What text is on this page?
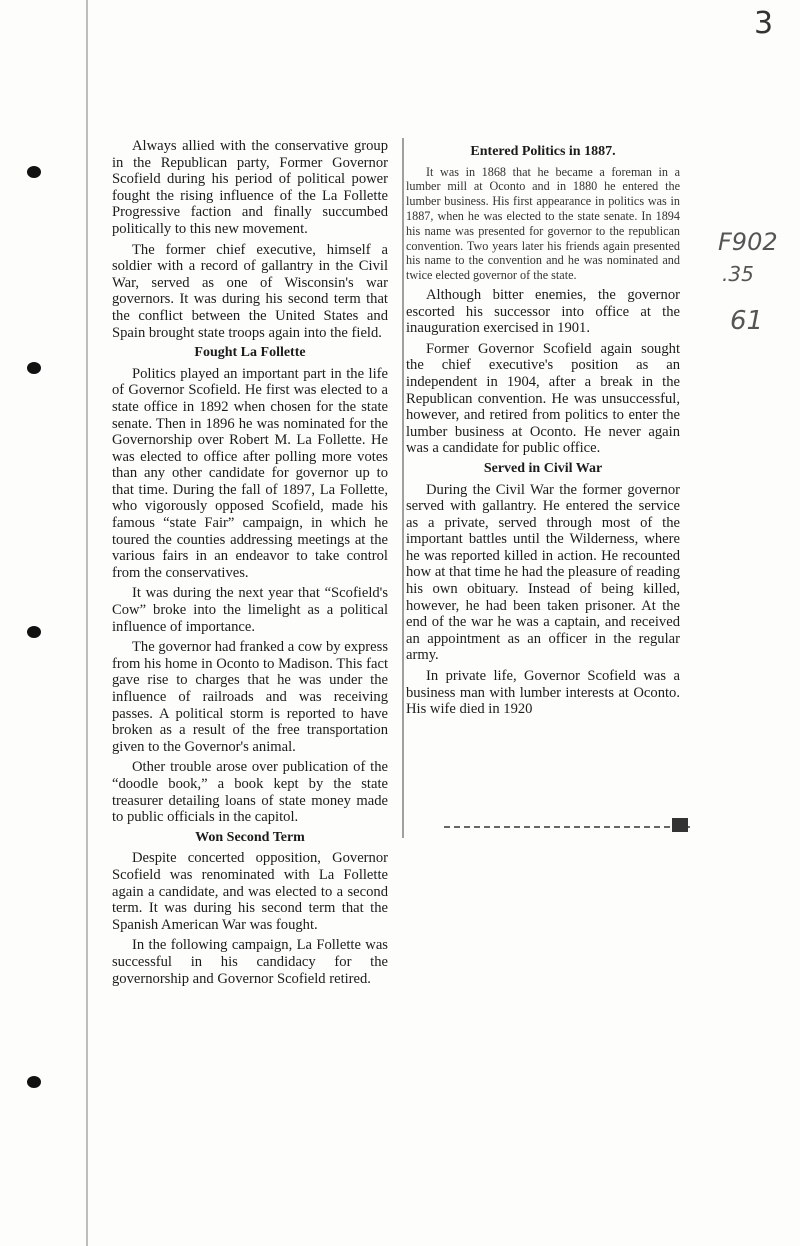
3
F902
.35
61

Always allied with the conservative group in the Republican party, Former Governor Scofield during his period of political power fought the rising influence of the La Follette Progressive faction and finally succumbed politically to this new movement.

The former chief executive, himself a soldier with a record of gallantry in the Civil War, served as one of Wisconsin's war governors. It was during his second term that the conflict between the United States and Spain brought state troops again into the field.

Fought La Follette

Politics played an important part in the life of Governor Scofield. He first was elected to a state office in 1892 when chosen for the state senate. Then in 1896 he was nominated for the Governorship over Robert M. La Follette. He was elected to office after polling more votes than any other candidate for governor up to that time. During the fall of 1897, La Follette, who vigorously opposed Scofield, made his famous “state Fair” campaign, in which he toured the counties addressing meetings at the various fairs in an endeavor to take control from the conservatives.

It was during the next year that “Scofield's Cow” broke into the limelight as a political influence of importance.

The governor had franked a cow by express from his home in Oconto to Madison. This fact gave rise to charges that he was under the influence of railroads and was receiving passes. A political storm is reported to have broken as a result of the free transportation given to the Governor's animal.

Other trouble arose over publication of the “doodle book,” a book kept by the state treasurer detailing loans of state money made to public officials in the capitol.

Won Second Term

Despite concerted opposition, Governor Scofield was renominated with La Follette again a candidate, and was elected to a second term. It was during his second term that the Spanish American War was fought.

In the following campaign, La Follette was successful in his candidacy for the governorship and Governor Scofield retired.

Entered Politics in 1887.

It was in 1868 that he became a foreman in a lumber mill at Oconto and in 1880 he entered the lumber business. His first appearance in politics was in 1887, when he was elected to the state senate. In 1894 his name was presented for governor to the republican convention. Two years later his friends again presented his name to the convention and he was nominated and twice elected governor of the state.

Although bitter enemies, the governor escorted his successor into office at the inauguration exercised in 1901.

Former Governor Scofield again sought the chief executive's position as an independent in 1904, after a break in the Republican convention. He was unsuccessful, however, and retired from politics to enter the lumber business at Oconto. He never again was a candidate for public office.

Served in Civil War

During the Civil War the former governor served with gallantry. He entered the service as a private, served through most of the important battles until the Wilderness, where he was reported killed in action. He recounted how at that time he had the pleasure of reading his own obituary. Instead of being killed, however, he had been taken prisoner. At the end of the war he was a captain, and received an appointment as an officer in the regular army.

In private life, Governor Scofield was a business man with lumber interests at Oconto. His wife died in 1920
